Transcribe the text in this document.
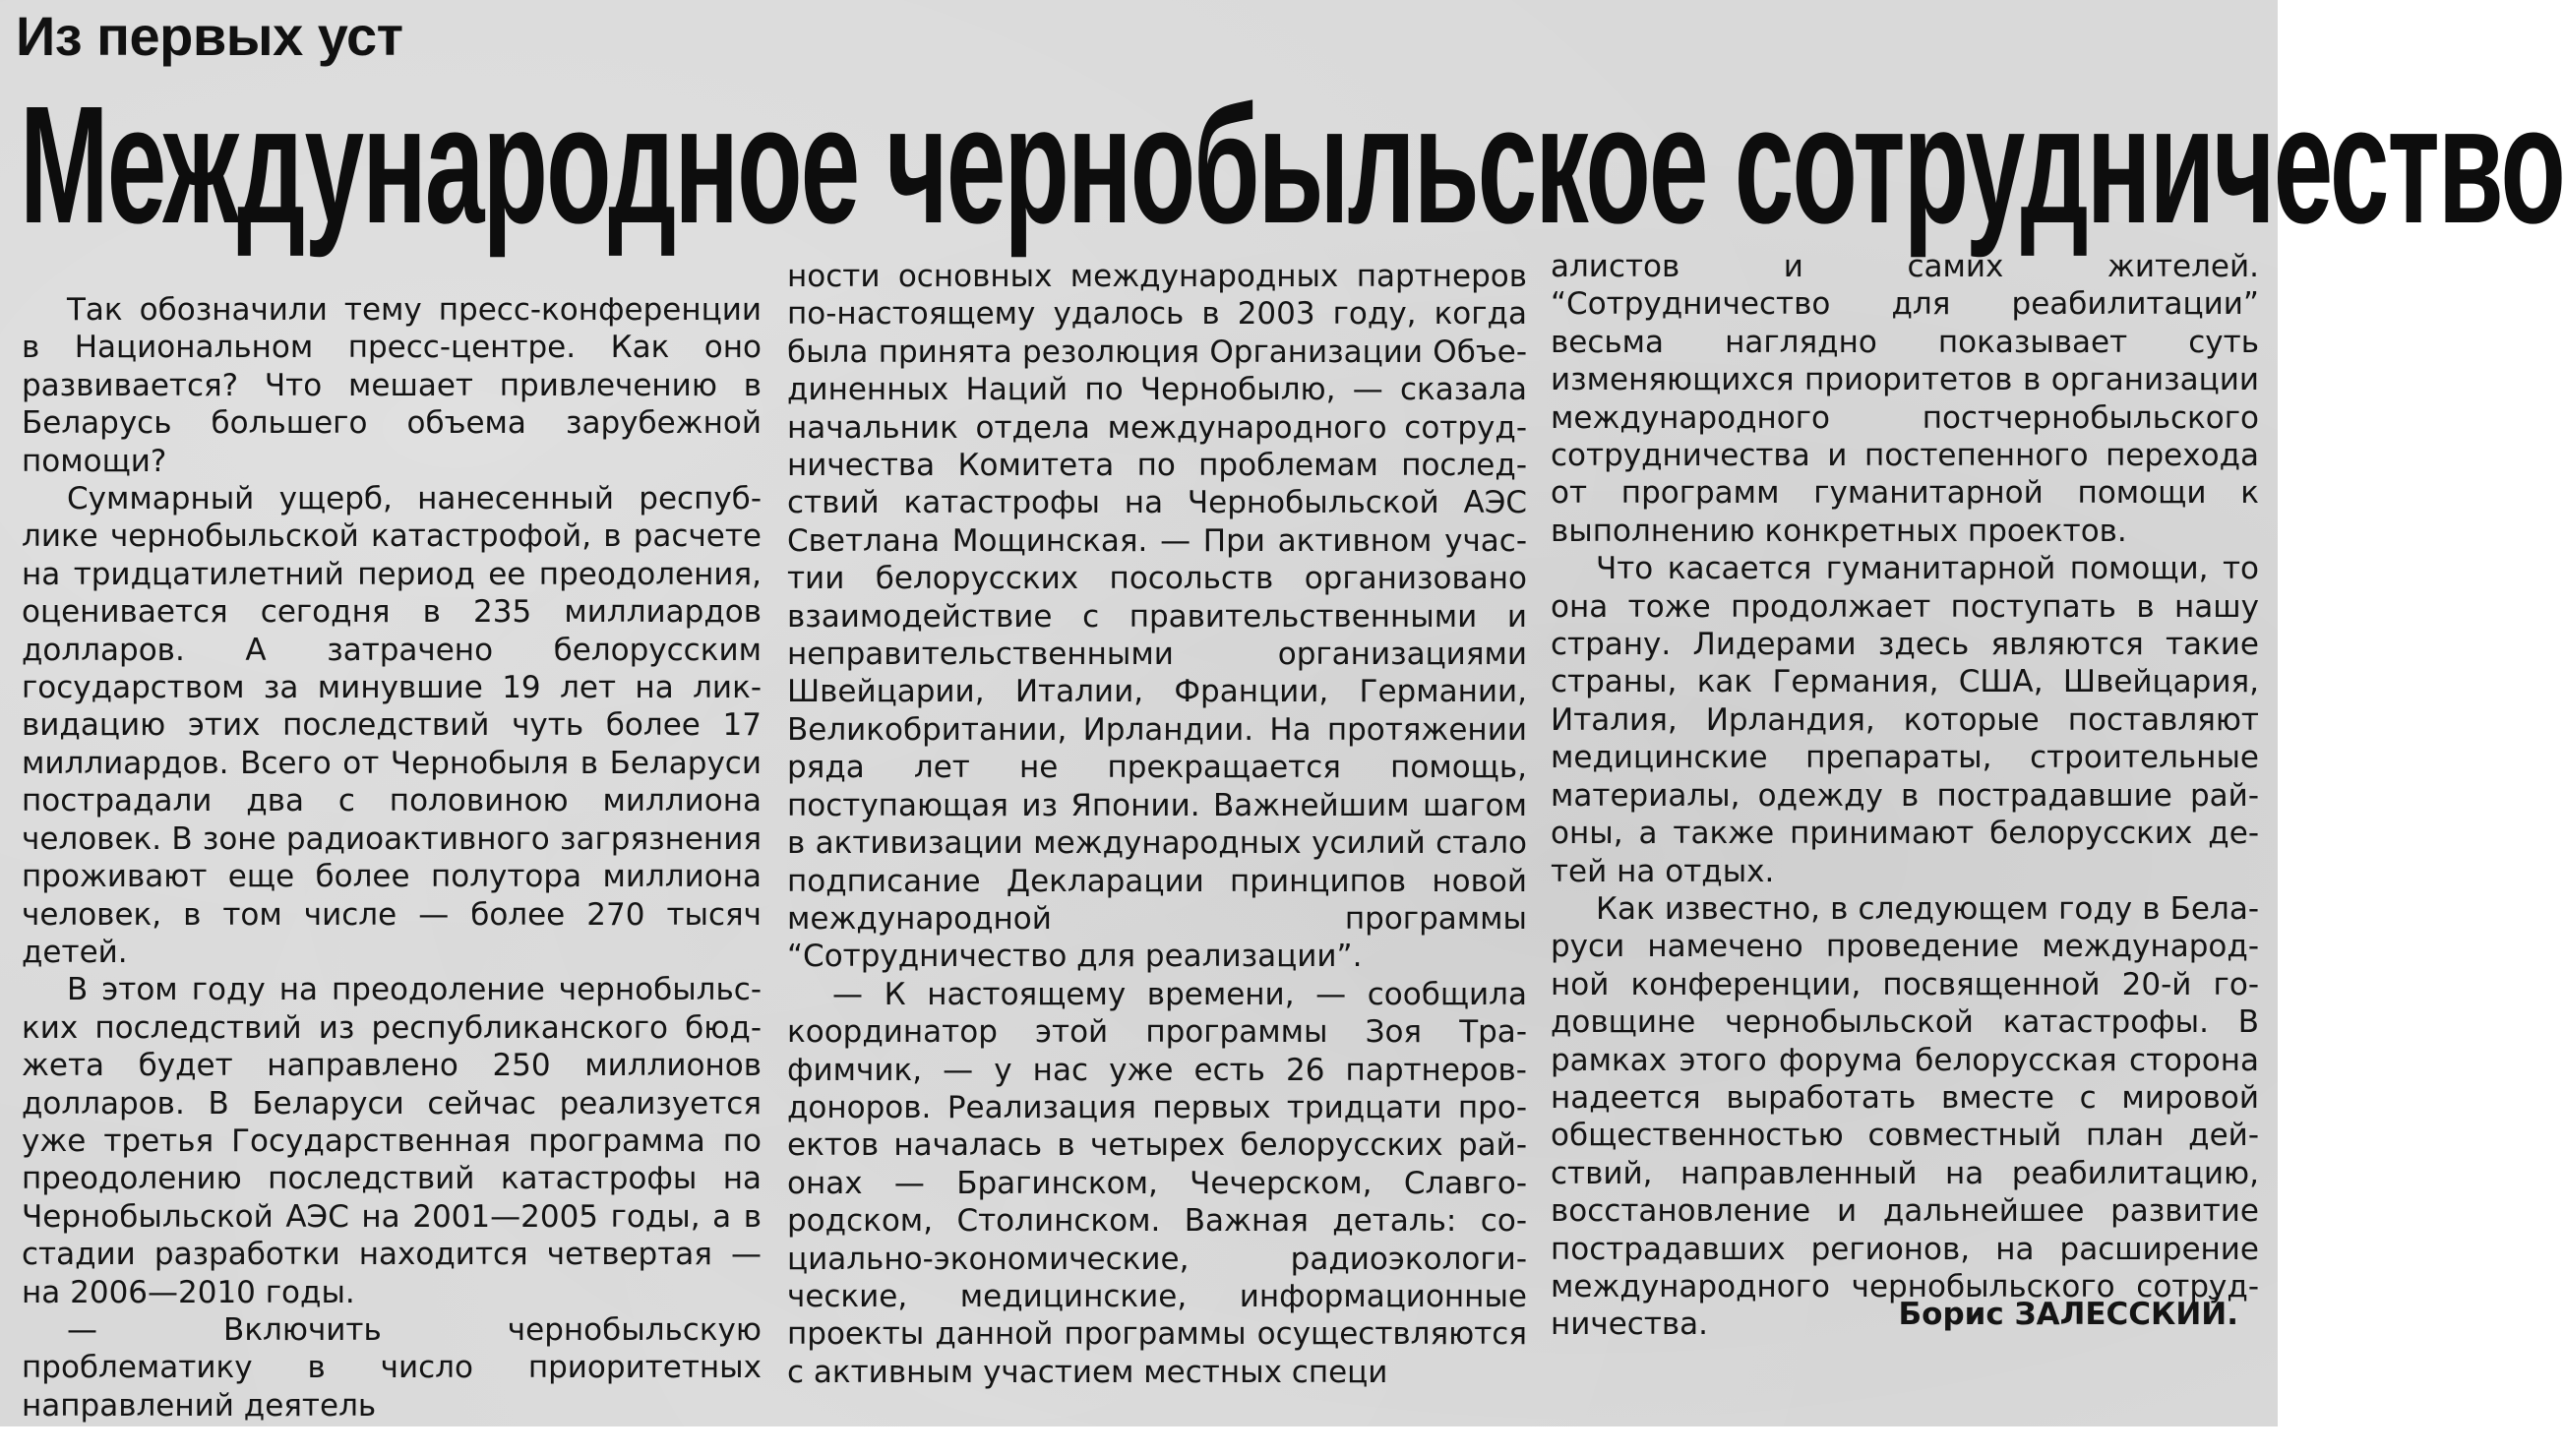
Из первых уст
Международное чернобыльское сотрудничество

Так обозначили тему пресс-конференции в Национальном пресс-центре. Как оно развивается? Что мешает привлечению в Беларусь большего объема зарубежной помощи?

Суммарный ущерб, нанесенный республике чернобыльской катастрофой, в расчете на тридцатилетний период ее преодоления, оценивается сегодня в 235 миллиардов долларов. А затрачено белорусским государством за минувшие 19 лет на ликвидацию этих последствий чуть более 17 миллиардов. Всего от Чернобыля в Беларуси пострадали два с половиною миллиона человек. В зоне радиоактивного загрязнения проживают еще более полутора миллиона человек, в том числе — более 270 тысяч детей.

В этом году на преодоление чернобыльских последствий из республиканского бюджета будет направлено 250 миллионов долларов. В Беларуси сейчас реализуется уже третья Государственная программа по преодолению последствий катастрофы на Чернобыльской АЭС на 2001—2005 годы, а в стадии разработки находится четвертая — на 2006—2010 годы.

— Включить чернобыльскую проблематику в число приоритетных направлений деятель

ности основных международных партнеров по-настоящему удалось в 2003 году, когда была принята резолюция Организации Объединенных Наций по Чернобылю, — сказала начальник отдела международного сотрудничества Комитета по проблемам последствий катастрофы на Чернобыльской АЭС Светлана Мощинская. — При активном участии белорусских посольств организовано взаимодействие с правительственными и неправительственными организациями Швейцарии, Италии, Франции, Германии, Великобритании, Ирландии. На протяжении ряда лет не прекращается помощь, поступающая из Японии. Важнейшим шагом в активизации международных усилий стало подписание Декларации принципов новой международной программы “Сотрудничество для реализации”.

— К настоящему времени, — сообщила координатор этой программы Зоя Трафимчик, — у нас уже есть 26 партнеров-доноров. Реализация первых тридцати проектов началась в четырех белорусских районах — Брагинском, Чечерском, Славгородском, Столинском. Важная деталь: социально-экономические, радиоэкологические, медицинские, информационные проекты данной программы осуществляются с активным участием местных специ

алистов и самих жителей. “Сотрудничество для реабилитации” весьма наглядно показывает суть изменяющихся приоритетов в организации международного постчернобыльского сотрудничества и постепенного перехода от программ гуманитарной помощи к выполнению конкретных проектов.

Что касается гуманитарной помощи, то она тоже продолжает поступать в нашу страну. Лидерами здесь являются такие страны, как Германия, США, Швейцария, Италия, Ирландия, которые поставляют медицинские препараты, строительные материалы, одежду в пострадавшие районы, а также принимают белорусских детей на отдых.

Как известно, в следующем году в Беларуси намечено проведение международной конференции, посвященной 20-й годовщине чернобыльской катастрофы. В рамках этого форума белорусская сторона надеется выработать вместе с мировой общественностью совместный план действий, направленный на реабилитацию, восстановление и дальнейшее развитие пострадавших регионов, на расширение международного чернобыльского сотрудничества.	Борис ЗАЛЕССКИЙ.
